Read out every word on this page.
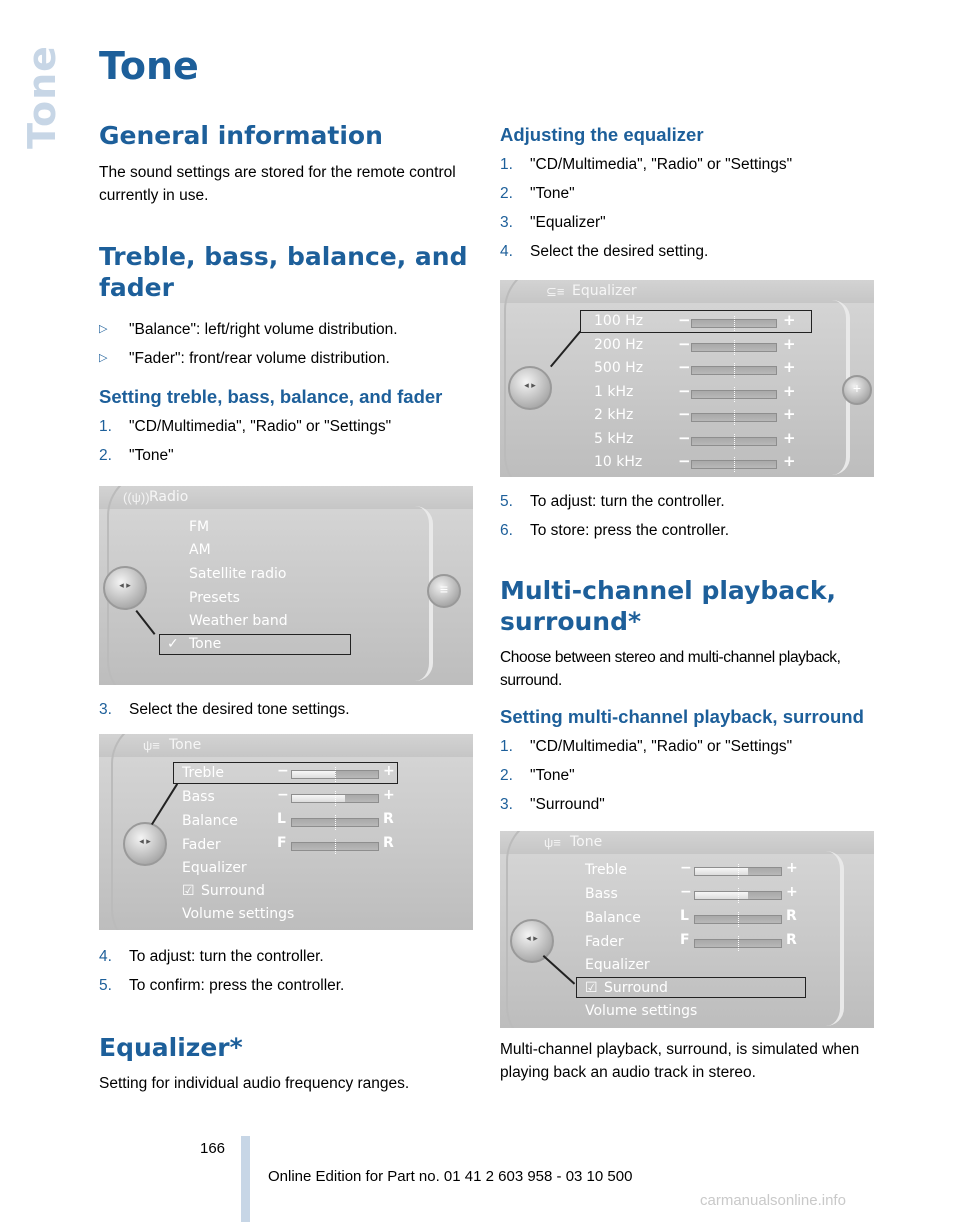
Tone Tone
General information

The sound settings are stored for the remote control currently in use.

Treble, bass, balance, and fader
▷ "Balance": left/right volume distribution.
▷ "Fader": front/rear volume distribution.
Setting treble, bass, balance, and fader
1. "CD/Multimedia", "Radio" or "Settings"
2. "Tone"
((ψ)) Radio
◂ ▸	≡
FM
AM
Satellite radio
Presets
Weather band
✓ Tone
3. Select the desired tone settings.
ψ≡ Tone
◂ ▸
Treble	−	+
Bass	−	+
Balance	L	R
Fader	F	R
Equalizer
☑ Surround
Volume settings
4. To adjust: turn the controller.
5. To confirm: press the controller.
Equalizer*

Setting for individual audio frequency ranges.

Adjusting the equalizer
1. "CD/Multimedia", "Radio" or "Settings"
2. "Tone"
3. "Equalizer"
4. Select the desired setting.
⊆≡ Equalizer
◂ ▸	+
100 Hz −	+
200 Hz −	+
500 Hz −	+
1 kHz	−	+
2 kHz	−	+
5 kHz	−	+
10 kHz −	+
5. To adjust: turn the controller.
6. To store: press the controller.
Multi-channel playback, surround*

Choose between stereo and multi-channel playback, surround.

Setting multi-channel playback, surround
1. "CD/Multimedia", "Radio" or "Settings"
2. "Tone"
3. "Surround"
ψ≡ Tone
◂ ▸
Treble	−	+
Bass	−	+
Balance	L	R
Fader	F	R
Equalizer
☑ Surround
Volume settings

Multi-channel playback, surround, is simulated when playing back an audio track in stereo.

166
Online Edition for Part no. 01 41 2 603 958 - 03 10 500
carmanualsonline.info
